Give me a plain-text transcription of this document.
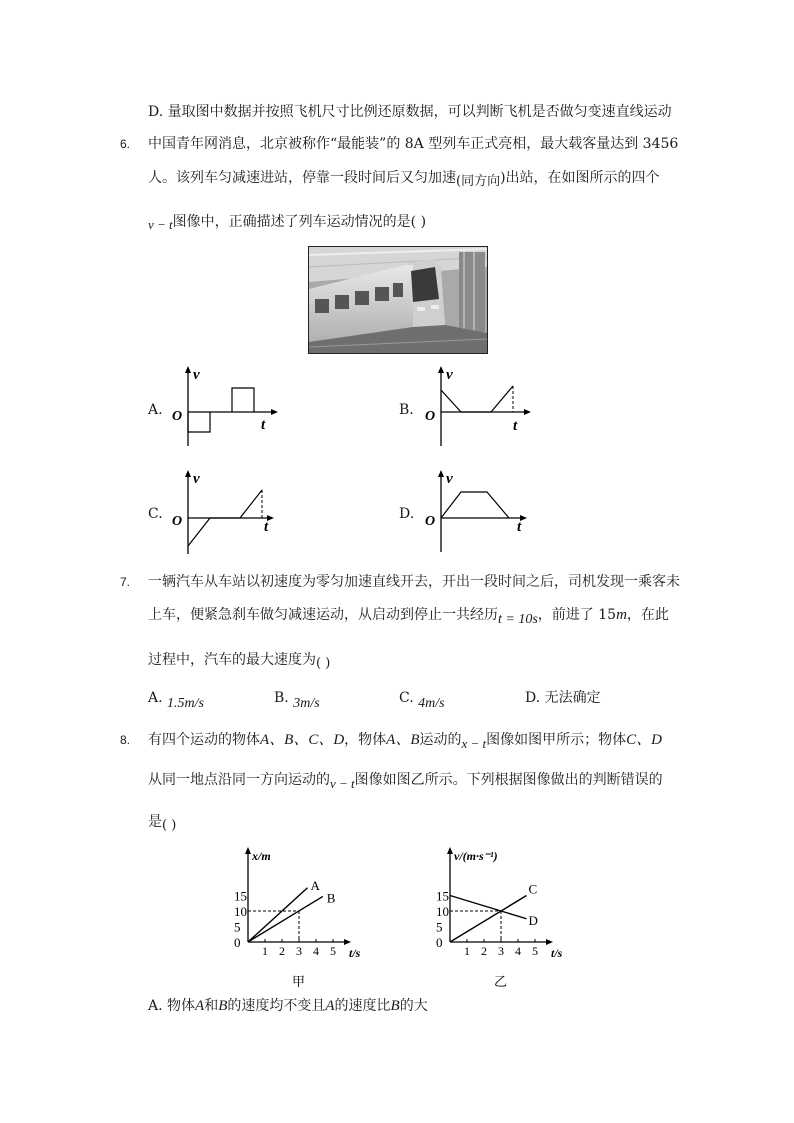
D. 量取图中数据并按照飞机尺寸比例还原数据，可以判断飞机是否做匀变速直线运动
6. 中国青年网消息，北京被称作“最能装”的 8A 型列车正式亮相，最大载客量达到 3456
人。该列车匀减速进站，停靠一段时间后又匀加速(同方向)出站，在如图所示的四个
v − t图像中，正确描述了列车运动情况的是( )
A.
v
O
t
B.
v
O
t
C.
v
O	t
D.
v
O	t
7. 一辆汽车从车站以初速度为零匀加速直线开去，开出一段时间之后，司机发现一乘客未
上车，便紧急刹车做匀减速运动，从启动到停止一共经历t = 10s，前进了 15m，在此
过程中，汽车的最大速度为( )
A. 1.5m/s	B. 3m/s	C. 4m/s	D. 无法确定
8. 有四个运动的物体A、B、C、D，物体A、B运动的x − t图像如图甲所示；物体C、D
从同一地点沿同一方向运动的v − t图像如图乙所示。下列根据图像做出的判断错误的
是( )
x/m
t/s
0
5
10
15
1 2 3 4 5
A
B
甲
v/(m·s⁻¹)
t/s
0
5
10
15
1 2 3 4 5
C
D
乙
A. 物体A和B的速度均不变且A的速度比B的大
